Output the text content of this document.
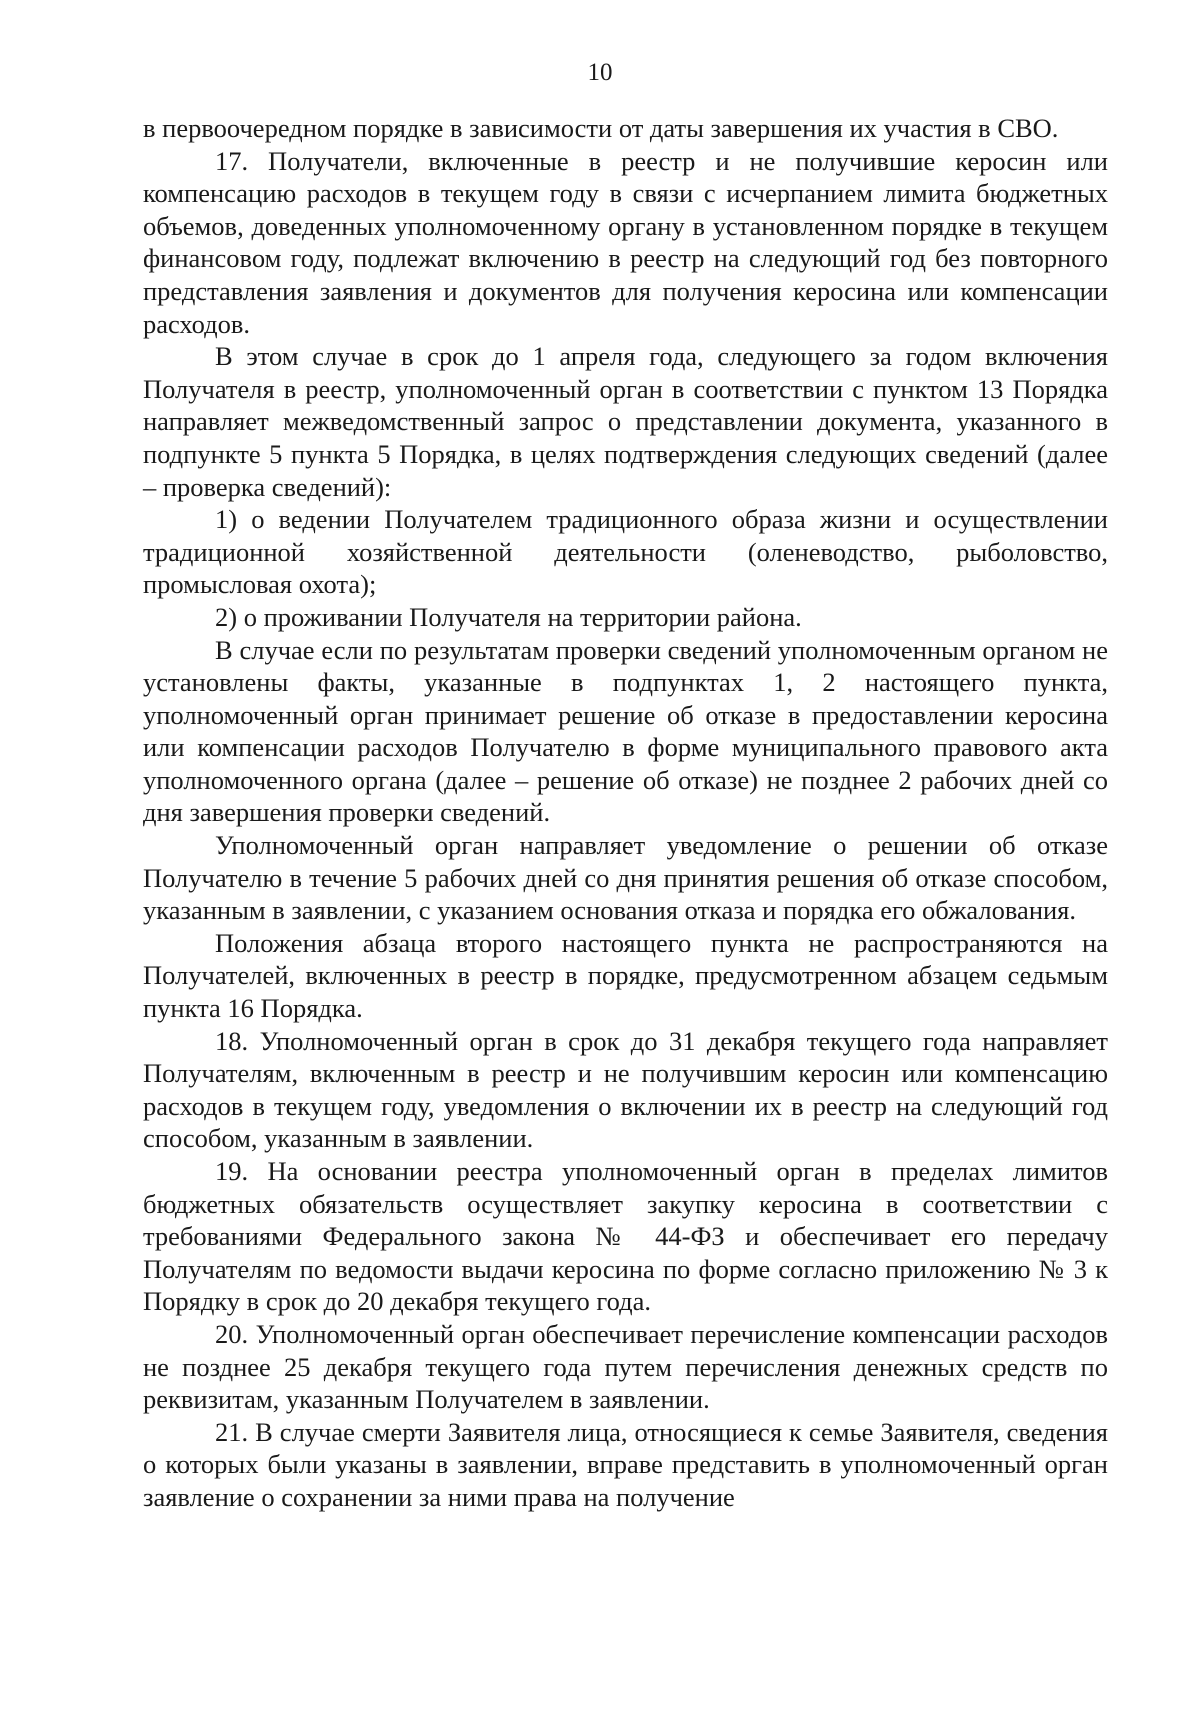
10

в первоочередном порядке в зависимости от даты завершения их участия в СВО.

17. Получатели, включенные в реестр и не получившие керосин или компенсацию расходов в текущем году в связи с исчерпанием лимита бюджетных объемов, доведенных уполномоченному органу в установленном порядке в текущем финансовом году, подлежат включению в реестр на следующий год без повторного представления заявления и документов для получения керосина или компенсации расходов.

В этом случае в срок до 1 апреля года, следующего за годом включения Получателя в реестр, уполномоченный орган в соответствии с пунктом 13 Порядка направляет межведомственный запрос о представлении документа, указанного в подпункте 5 пункта 5 Порядка, в целях подтверждения следующих сведений (далее – проверка сведений):

1) о ведении Получателем традиционного образа жизни и осуществлении традиционной хозяйственной деятельности (оленеводство, рыболовство, промысловая охота);

2) о проживании Получателя на территории района.

В случае если по результатам проверки сведений уполномоченным органом не установлены факты, указанные в подпунктах 1, 2 настоящего пункта, уполномоченный орган принимает решение об отказе в предоставлении керосина или компенсации расходов Получателю в форме муниципального правового акта уполномоченного органа (далее – решение об отказе) не позднее 2 рабочих дней со дня завершения проверки сведений.

Уполномоченный орган направляет уведомление о решении об отказе Получателю в течение 5 рабочих дней со дня принятия решения об отказе способом, указанным в заявлении, с указанием основания отказа и порядка его обжалования.

Положения абзаца второго настоящего пункта не распространяются на Получателей, включенных в реестр в порядке, предусмотренном абзацем седьмым пункта 16 Порядка.

18. Уполномоченный орган в срок до 31 декабря текущего года направляет Получателям, включенным в реестр и не получившим керосин или компенсацию расходов в текущем году, уведомления о включении их в реестр на следующий год способом, указанным в заявлении.

19. На основании реестра уполномоченный орган в пределах лимитов бюджетных обязательств осуществляет закупку керосина в соответствии с требованиями Федерального закона № 44-ФЗ и обеспечивает его передачу Получателям по ведомости выдачи керосина по форме согласно приложению № 3 к Порядку в срок до 20 декабря текущего года.

20. Уполномоченный орган обеспечивает перечисление компенсации расходов не позднее 25 декабря текущего года путем перечисления денежных средств по реквизитам, указанным Получателем в заявлении.

21. В случае смерти Заявителя лица, относящиеся к семье Заявителя, сведения о которых были указаны в заявлении, вправе представить в уполномоченный орган заявление о сохранении за ними права на получение
